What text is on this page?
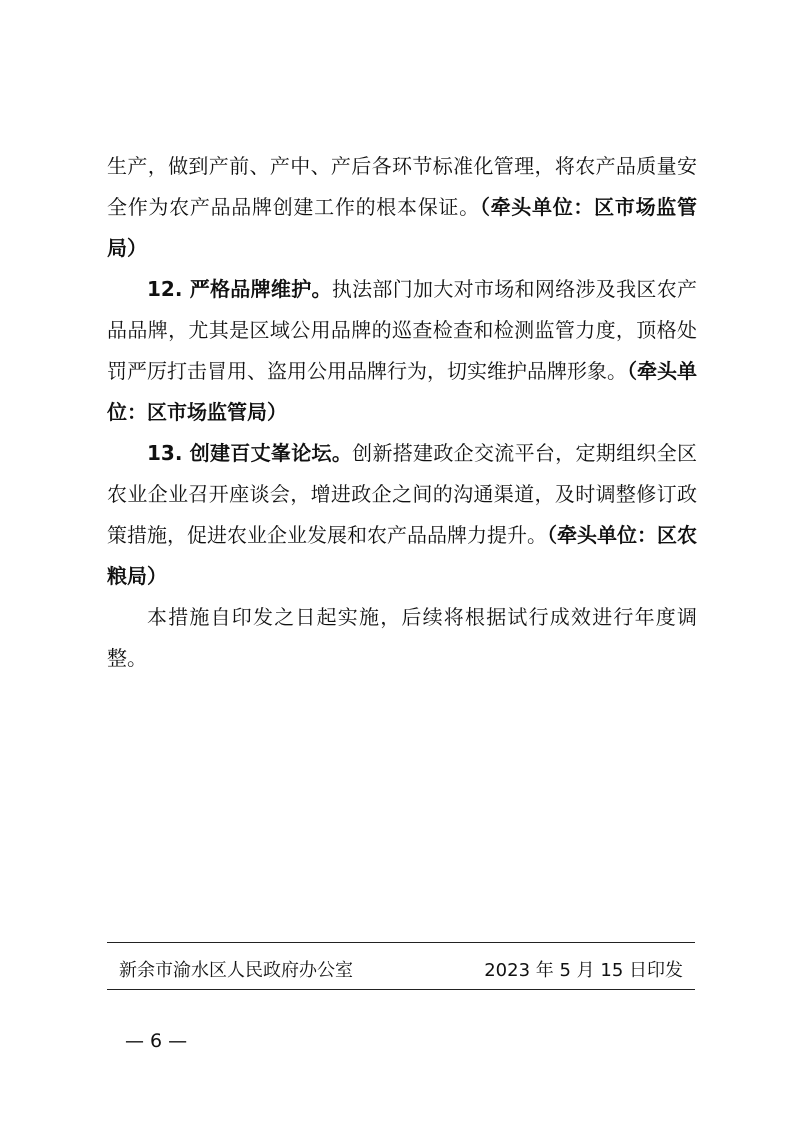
生产，做到产前、产中、产后各环节标准化管理，将农产品质量安全作为农产品品牌创建工作的根本保证。（牵头单位：区市场监管局）

12. 严格品牌维护。执法部门加大对市场和网络涉及我区农产品品牌，尤其是区域公用品牌的巡查检查和检测监管力度，顶格处罚严厉打击冒用、盗用公用品牌行为，切实维护品牌形象。（牵头单位：区市场监管局）

13. 创建百丈峯论坛。创新搭建政企交流平台，定期组织全区农业企业召开座谈会，增进政企之间的沟通渠道，及时调整修订政策措施，促进农业企业发展和农产品品牌力提升。（牵头单位：区农粮局）

本措施自印发之日起实施，后续将根据试行成效进行年度调整。

新余市渝水区人民政府办公室	2023 年 5 月 15 日印发
— 6 —
